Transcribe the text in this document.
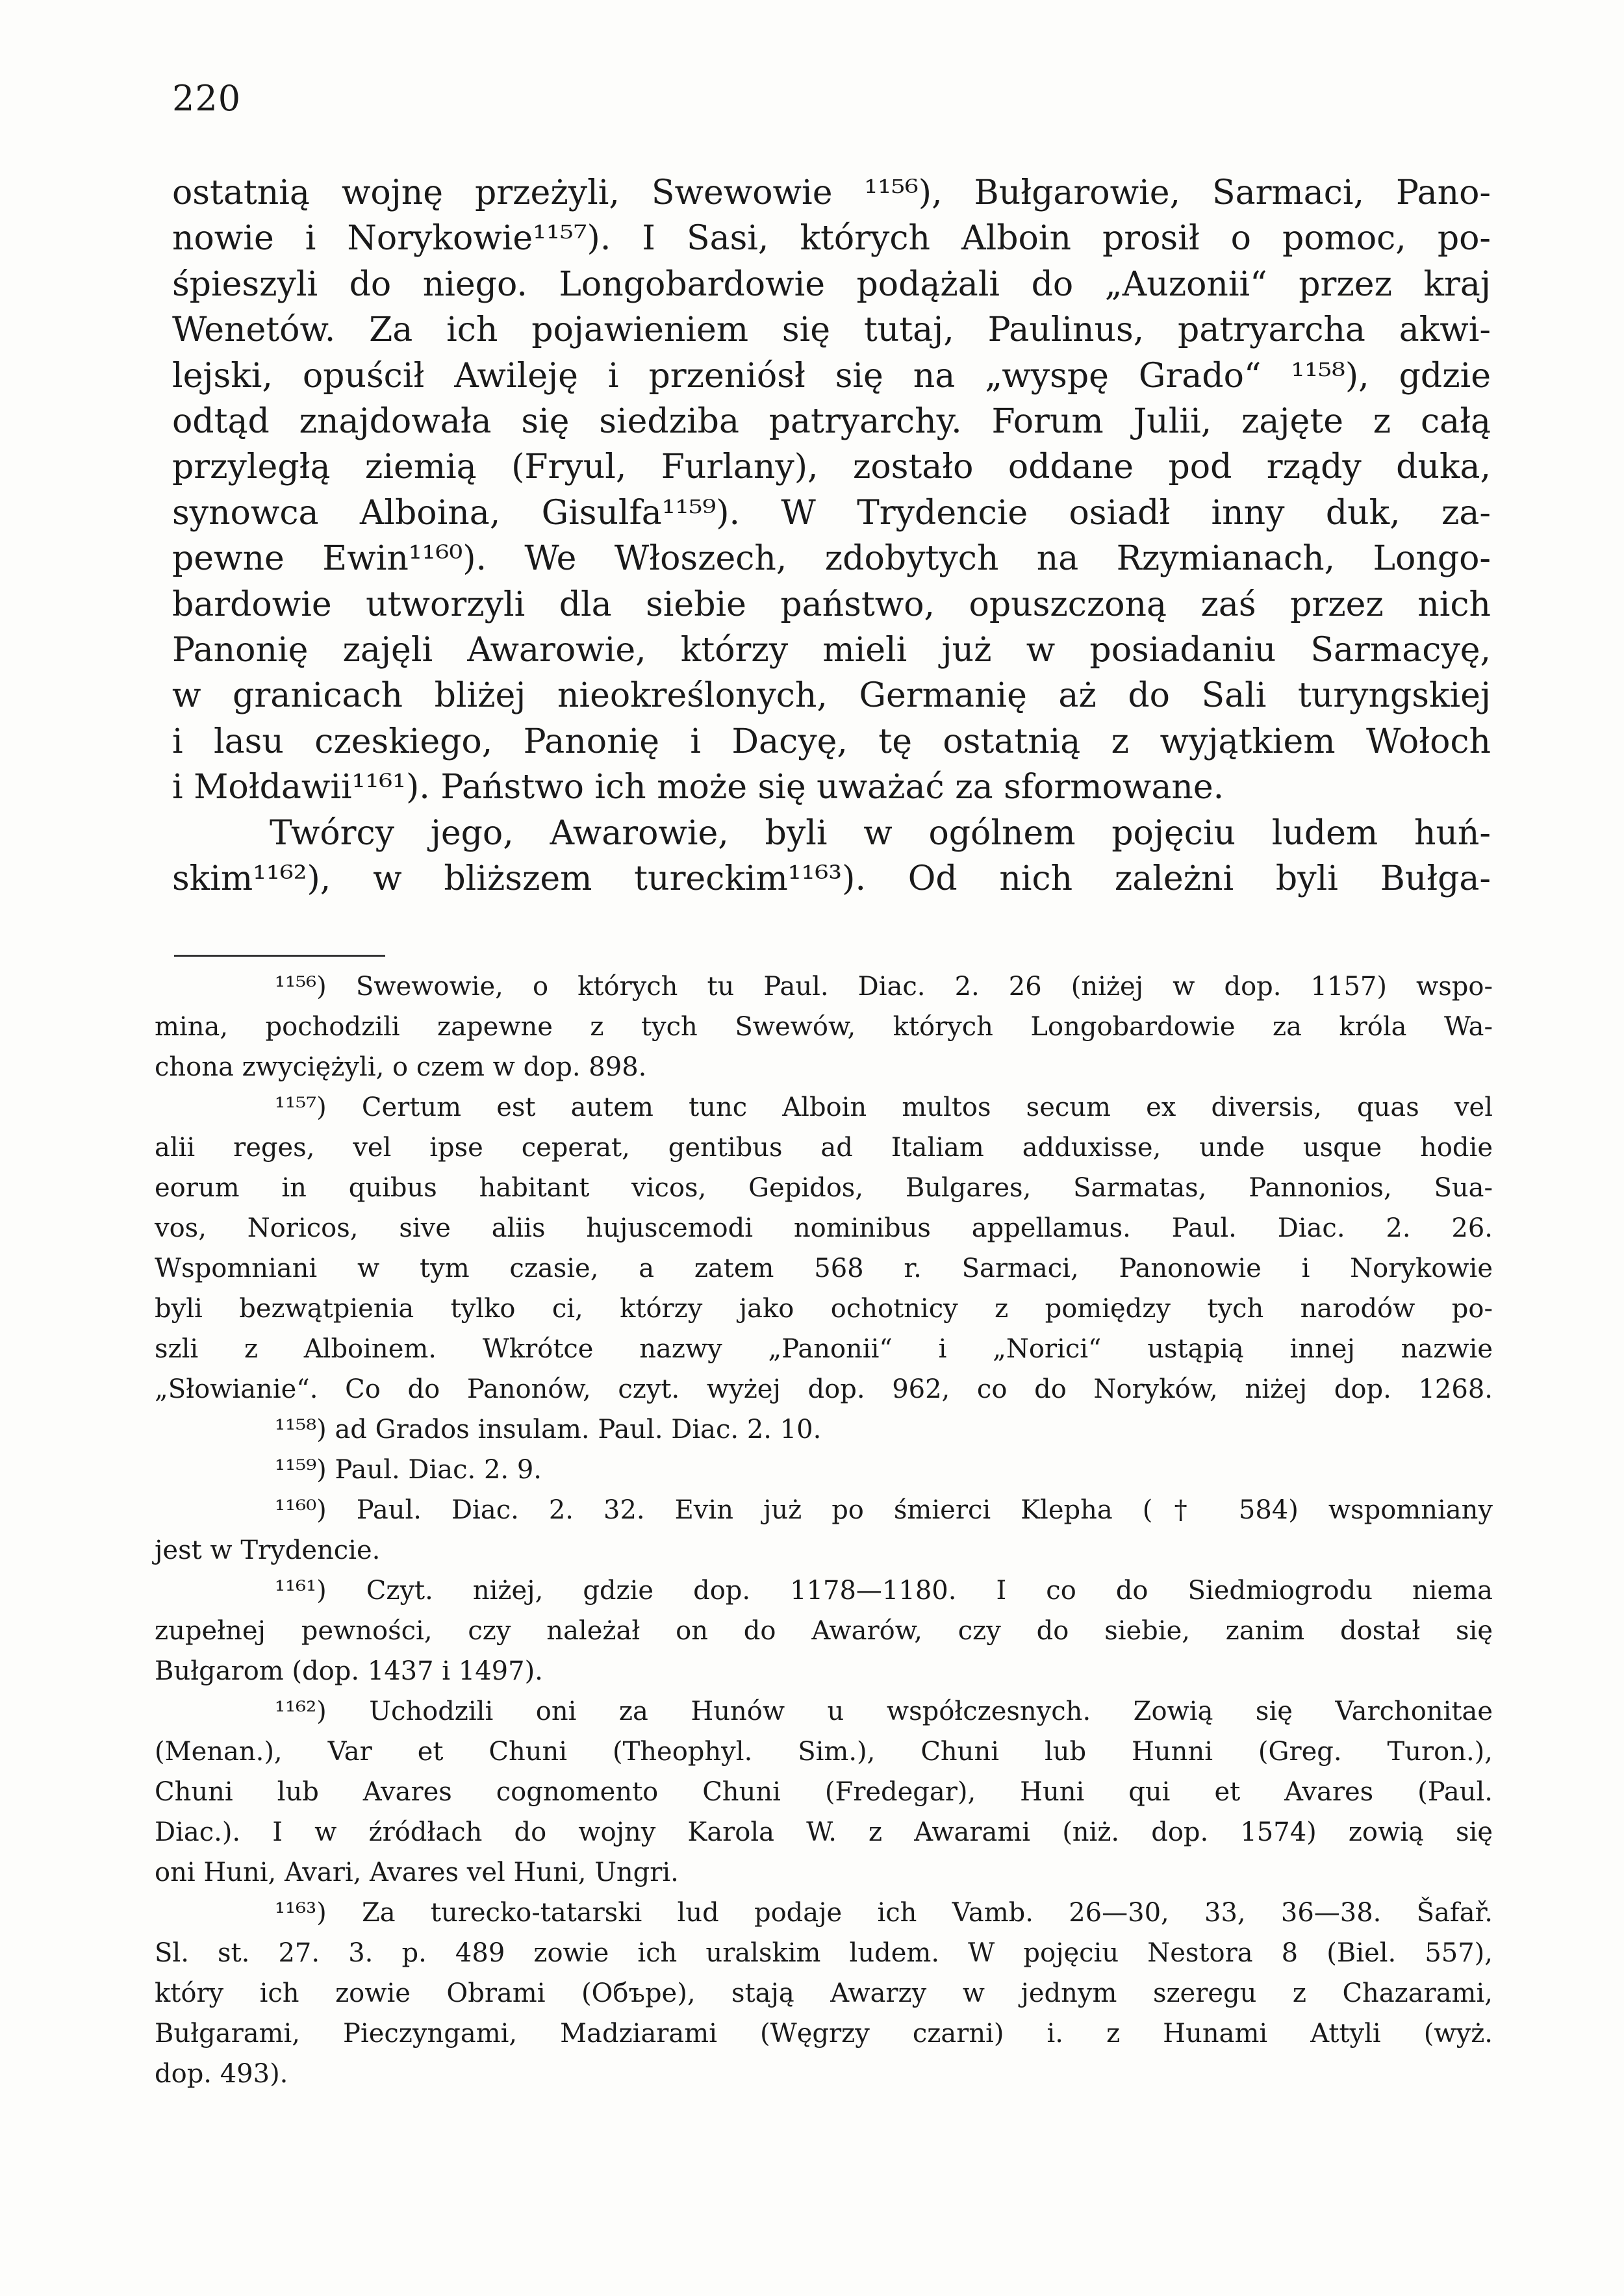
220

ostatnią wojnę przeżyli, Swewowie ¹¹⁵⁶), Bułgarowie, Sarmaci, Pano-

nowie i Norykowie¹¹⁵⁷). I Sasi, których Alboin prosił o pomoc, po-

śpieszyli do niego. Longobardowie podążali do „Auzonii“ przez kraj

Wenetów. Za ich pojawieniem się tutaj, Paulinus, patryarcha akwi-

lejski, opuścił Awileję i przeniósł się na „wyspę Grado“ ¹¹⁵⁸), gdzie

odtąd znajdowała się siedziba patryarchy. Forum Julii, zajęte z całą

przyległą ziemią (Fryul, Furlany), zostało oddane pod rządy duka,

synowca Alboina, Gisulfa¹¹⁵⁹). W Trydencie osiadł inny duk, za-

pewne Ewin¹¹⁶⁰). We Włoszech, zdobytych na Rzymianach, Longo-

bardowie utworzyli dla siebie państwo, opuszczoną zaś przez nich

Panonię zajęli Awarowie, którzy mieli już w posiadaniu Sarmacyę,

w granicach bliżej nieokreślonych, Germanię aż do Sali turyngskiej

i lasu czeskiego, Panonię i Dacyę, tę ostatnią z wyjątkiem Wołoch

i Mołdawii¹¹⁶¹). Państwo ich może się uważać za sformowane.

Twórcy jego, Awarowie, byli w ogólnem pojęciu ludem huń-

skim¹¹⁶²), w bliższem tureckim¹¹⁶³). Od nich zależni byli Bułga-

¹¹⁵⁶) Swewowie, o których tu Paul. Diac. 2. 26 (niżej w dop. 1157) wspo-

mina, pochodzili zapewne z tych Swewów, których Longobardowie za króla Wa-

chona zwyciężyli, o czem w dop. 898.

¹¹⁵⁷) Certum est autem tunc Alboin multos secum ex diversis, quas vel

alii reges, vel ipse ceperat, gentibus ad Italiam adduxisse, unde usque hodie

eorum in quibus habitant vicos, Gepidos, Bulgares, Sarmatas, Pannonios, Sua-

vos, Noricos, sive aliis hujuscemodi nominibus appellamus. Paul. Diac. 2. 26.

Wspomniani w tym czasie, a zatem 568 r. Sarmaci, Panonowie i Norykowie

byli bezwątpienia tylko ci, którzy jako ochotnicy z pomiędzy tych narodów po-

szli z Alboinem. Wkrótce nazwy „Panonii“ i „Norici“ ustąpią innej nazwie

„Słowianie“. Co do Panonów, czyt. wyżej dop. 962, co do Noryków, niżej dop. 1268.

¹¹⁵⁸) ad Grados insulam. Paul. Diac. 2. 10.

¹¹⁵⁹) Paul. Diac. 2. 9.

¹¹⁶⁰) Paul. Diac. 2. 32. Evin już po śmierci Klepha († 584) wspomniany

jest w Trydencie.

¹¹⁶¹) Czyt. niżej, gdzie dop. 1178—1180. I co do Siedmiogrodu niema

zupełnej pewności, czy należał on do Awarów, czy do siebie, zanim dostał się

Bułgarom (dop. 1437 i 1497).

¹¹⁶²) Uchodzili oni za Hunów u współczesnych. Zowią się Varchonitae

(Menan.), Var et Chuni (Theophyl. Sim.), Chuni lub Hunni (Greg. Turon.),

Chuni lub Avares cognomento Chuni (Fredegar), Huni qui et Avares (Paul.

Diac.). I w źródłach do wojny Karola W. z Awarami (niż. dop. 1574) zowią się

oni Huni, Avari, Avares vel Huni, Ungri.

¹¹⁶³) Za turecko-tatarski lud podaje ich Vamb. 26—30, 33, 36—38. Šafař.

Sl. st. 27. 3. p. 489 zowie ich uralskim ludem. W pojęciu Nestora 8 (Biel. 557),

który ich zowie Obrami (Обърe), stają Awarzy w jednym szeregu z Chazarami,

Bułgarami, Pieczyngami, Madziarami (Węgrzy czarni) i. z Hunami Attyli (wyż.

dop. 493).
